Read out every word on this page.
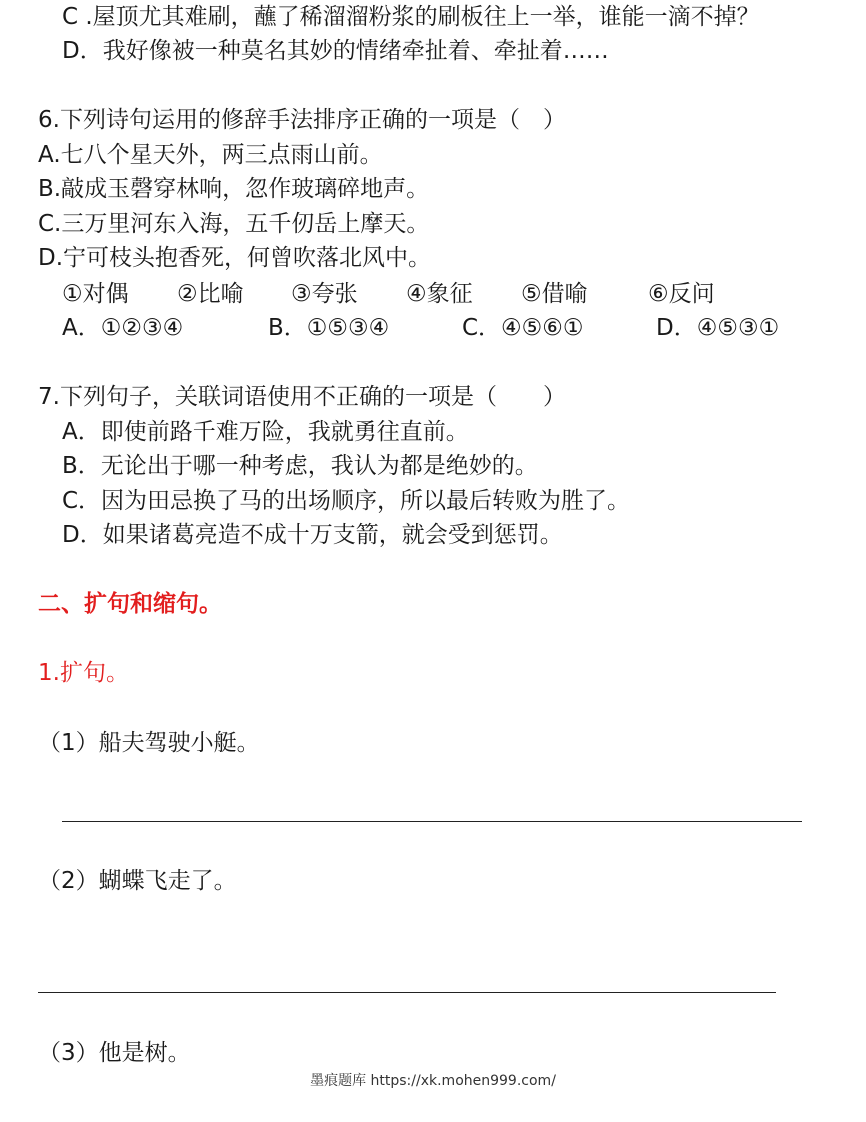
C .屋顶尤其难刷，蘸了稀溜溜粉浆的刷板往上一举，谁能一滴不掉？
D．我好像被一种莫名其妙的情绪牵扯着、牵扯着……
6.下列诗句运用的修辞手法排序正确的一项是（　）
A.七八个星天外，两三点雨山前。
B.敲成玉磬穿林响，忽作玻璃碎地声。
C.三万里河东入海，五千仞岳上摩天。
D.宁可枝头抱香死，何曾吹落北风中。
①对偶 ②比喻 ③夸张 ④象征 ⑤借喻	⑥反问
A．①②③④	B．①⑤③④	C．④⑤⑥①	D．④⑤③①
7.下列句子，关联词语使用不正确的一项是（　　）
A．即使前路千难万险，我就勇往直前。
B．无论出于哪一种考虑，我认为都是绝妙的。
C．因为田忌换了马的出场顺序，所以最后转败为胜了。
D．如果诸葛亮造不成十万支箭，就会受到惩罚。
二、扩句和缩句。
1.扩句。
（1）船夫驾驶小艇。
（2）蝴蝶飞走了。
（3）他是树。
墨痕题库 https://xk.mohen999.com/
